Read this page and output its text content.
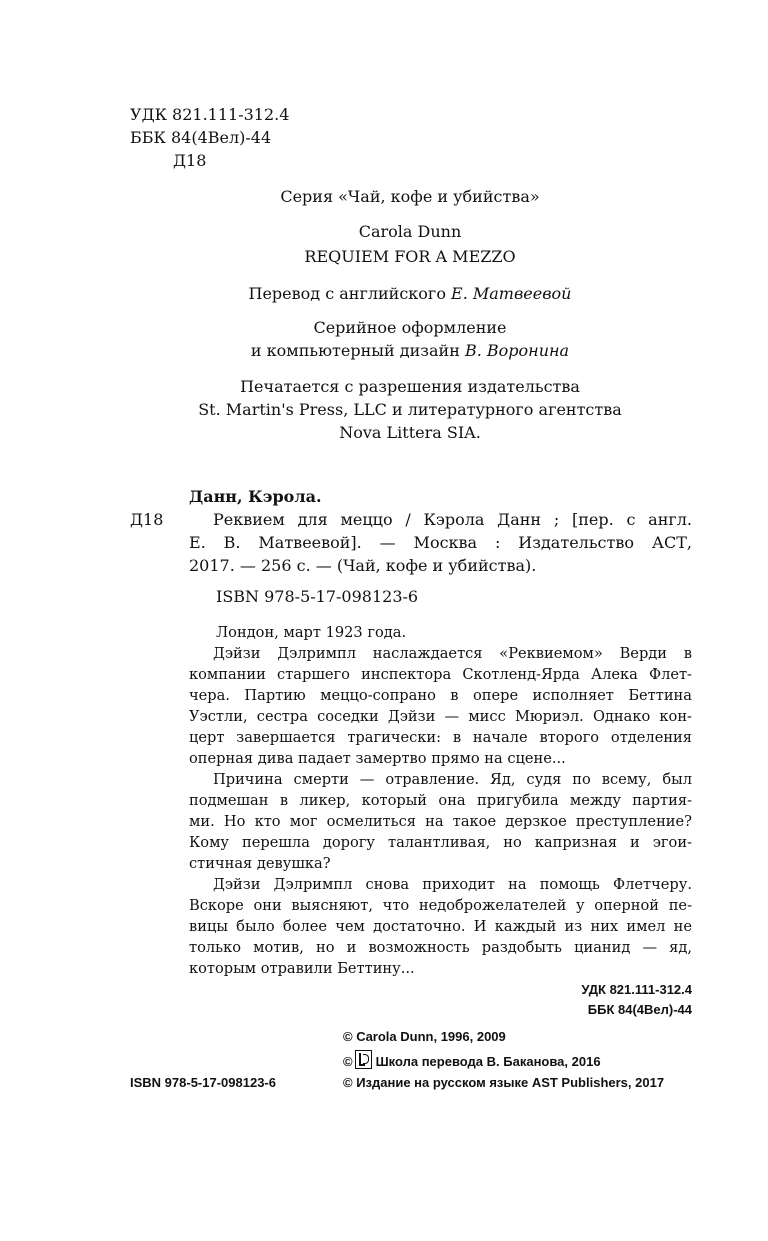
УДК 821.111-312.4
ББК 84(4Вел)-44
Д18
Серия «Чай, кофе и убийства»
Carola Dunn
REQUIEM FOR A MEZZO
Перевод с английского Е. Матвеевой
Серийное оформление
и компьютерный дизайн В. Воронина
Печатается с разрешения издательства
St. Martin's Press, LLC и литературного агентства
Nova Littera SIA.
Данн, Кэрола.
Д18	Реквием для меццо / Кэрола Данн ; [пер. с англ.
Е. В. Матвеевой]. — Москва : Издательство АСТ,
2017. — 256 с. — (Чай, кофе и убийства).
ISBN 978-5-17-098123-6
Лондон, март 1923 года.
Дэйзи Дэлримпл наслаждается «Реквиемом» Верди в
компании старшего инспектора Скотленд-Ярда Алека Флет-
чера. Партию меццо-сопрано в опере исполняет Беттина
Уэстли, сестра соседки Дэйзи — мисс Мюриэл. Однако кон-
церт завершается трагически: в начале второго отделения
оперная дива падает замертво прямо на сцене...
Причина смерти — отравление. Яд, судя по всему, был
подмешан в ликер, который она пригубила между партия-
ми. Но кто мог осмелиться на такое дерзкое преступление?
Кому перешла дорогу талантливая, но капризная и эгои-
стичная девушка?
Дэйзи Дэлримпл снова приходит на помощь Флетчеру.
Вскоре они выясняют, что недоброжелателей у оперной пе-
вицы было более чем достаточно. И каждый из них имел не
только мотив, но и возможность раздобыть цианид — яд,
которым отравили Беттину...
УДК 821.111-312.4
ББК 84(4Вел)-44
© Carola Dunn, 1996, 2009
© Школа перевода В. Баканова, 2016
ISBN 978-5-17-098123-6	© Издание на русском языке AST Publishers, 2017
